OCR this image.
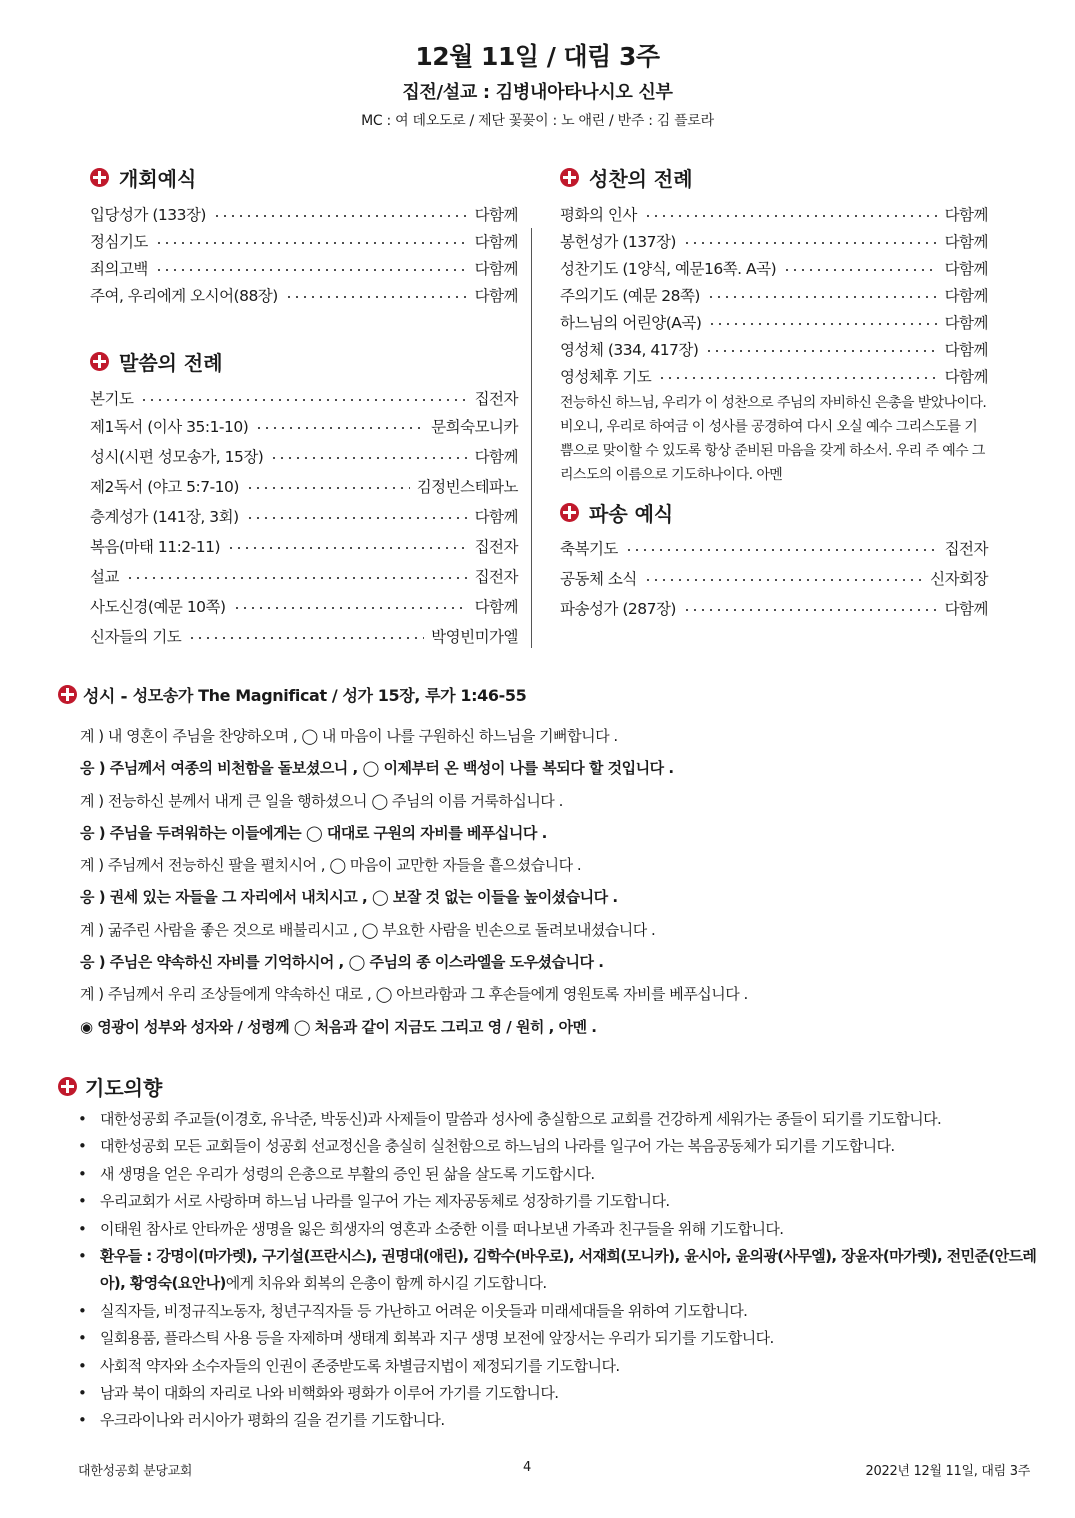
12월 11일 / 대림 3주
집전/설교 : 김병내아타나시오 신부
MC : 여 데오도로 / 제단 꽃꽂이 : 노 애린 / 반주 : 김 플로라
개회예식
입당성가 (133장)	다함께
정심기도	다함께
죄의고백	다함께
주여, 우리에게 오시어(88장)	다함께
말씀의 전례
본기도	집전자
제1독서 (이사 35:1-10)	문희숙모니카
성시(시편 성모송가, 15장)	다함께
제2독서 (야고 5:7-10)	김정빈스테파노
층계성가 (141장, 3회)	다함께
복음(마태 11:2-11)	집전자
설교	집전자
사도신경(예문 10쪽)	다함께
신자들의 기도	박영빈미가엘
성찬의 전례
평화의 인사	다함께
봉헌성가 (137장)	다함께
성찬기도 (1양식, 예문16쪽. A곡)	다함께
주의기도 (예문 28쪽)	다함께
하느님의 어린양(A곡)	다함께
영성체 (334, 417장)	다함께
영성체후 기도	다함께
전능하신 하느님, 우리가 이 성찬으로 주님의 자비하신 은총을 받았나이다. 비오니, 우리로 하여금 이 성사를 공경하여 다시 오실 예수 그리스도를 기쁨으로 맞이할 수 있도록 항상 준비된 마음을 갖게 하소서. 우리 주 예수 그리스도의 이름으로 기도하나이다. 아멘
파송 예식
축복기도	집전자
공동체 소식	신자회장
파송성가 (287장)	다함께
성시 - 성모송가 The Magnificat / 성가 15장, 루가 1:46-55
계 ) 내 영혼이 주님을 찬양하오며 , ◯ 내 마음이 나를 구원하신 하느님을 기뻐합니다 .
응 ) 주님께서 여종의 비천함을 돌보셨으니 , ◯ 이제부터 온 백성이 나를 복되다 할 것입니다 .
계 ) 전능하신 분께서 내게 큰 일을 행하셨으니 ◯ 주님의 이름 거룩하십니다 .
응 ) 주님을 두려워하는 이들에게는 ◯ 대대로 구원의 자비를 베푸십니다 .
계 ) 주님께서 전능하신 팔을 펼치시어 , ◯ 마음이 교만한 자들을 흩으셨습니다 .
응 ) 권세 있는 자들을 그 자리에서 내치시고 , ◯ 보잘 것 없는 이들을 높이셨습니다 .
계 ) 굶주린 사람을 좋은 것으로 배불리시고 , ◯ 부요한 사람을 빈손으로 돌려보내셨습니다 .
응 ) 주님은 약속하신 자비를 기억하시어 , ◯ 주님의 종 이스라엘을 도우셨습니다 .
계 ) 주님께서 우리 조상들에게 약속하신 대로 , ◯ 아브라함과 그 후손들에게 영원토록 자비를 베푸십니다 .
◉ 영광이 성부와 성자와 / 성령께 ◯ 처음과 같이 지금도 그리고 영 / 원히 , 아멘 .
기도의향
• 대한성공회 주교들(이경호, 유낙준, 박동신)과 사제들이 말씀과 성사에 충실함으로 교회를 건강하게 세워가는 종들이 되기를 기도합니다.
• 대한성공회 모든 교회들이 성공회 선교정신을 충실히 실천함으로 하느님의 나라를 일구어 가는 복음공동체가 되기를 기도합니다.
• 새 생명을 얻은 우리가 성령의 은총으로 부활의 증인 된 삶을 살도록 기도합시다.
• 우리교회가 서로 사랑하며 하느님 나라를 일구어 가는 제자공동체로 성장하기를 기도합니다.
• 이태원 참사로 안타까운 생명을 잃은 희생자의 영혼과 소중한 이를 떠나보낸 가족과 친구들을 위해 기도합니다.
• 환우들 : 강명이(마가렛), 구기설(프란시스), 권명대(애린), 김학수(바우로), 서재희(모니카), 윤시아, 윤의광(사무엘), 장윤자(마가렛), 전민준(안드레아), 황영숙(요안나)에게 치유와 회복의 은총이 함께 하시길 기도합니다.
• 실직자들, 비정규직노동자, 청년구직자들 등 가난하고 어려운 이웃들과 미래세대들을 위하여 기도합니다.
• 일회용품, 플라스틱 사용 등을 자제하며 생태계 회복과 지구 생명 보전에 앞장서는 우리가 되기를 기도합니다.
• 사회적 약자와 소수자들의 인권이 존중받도록 차별금지법이 제정되기를 기도합니다.
• 남과 북이 대화의 자리로 나와 비핵화와 평화가 이루어 가기를 기도합니다.
• 우크라이나와 러시아가 평화의 길을 걷기를 기도합니다.
대한성공회 분당교회	4	2022년 12월 11일, 대림 3주
